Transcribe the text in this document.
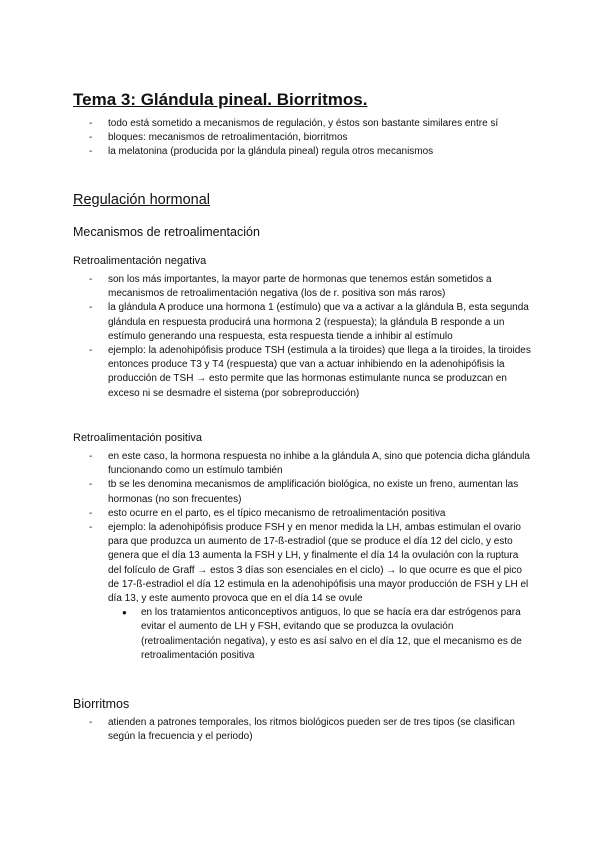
Tema 3: Glándula pineal. Biorritmos.
- todo está sometido a mecanismos de regulación, y éstos son bastante similares entre sí
- bloques: mecanismos de retroalimentación, biorritmos
- la melatonina (producida por la glándula pineal) regula otros mecanismos
Regulación hormonal
Mecanismos de retroalimentación
Retroalimentación negativa
- son los más importantes, la mayor parte de hormonas que tenemos están sometidos a mecanismos de retroalimentación negativa (los de r. positiva son más raros)
- la glándula A produce una hormona 1 (estímulo) que va a activar a la glándula B, esta segunda glándula en respuesta producirá una hormona 2 (respuesta); la glándula B responde a un estímulo generando una respuesta, esta respuesta tiende a inhibir al estímulo
- ejemplo: la adenohipófisis produce TSH (estimula a la tiroides) que llega a la tiroides, la tiroides entonces produce T3 y T4 (respuesta) que van a actuar inhibiendo en la adenohipófisis la producción de TSH → esto permite que las hormonas estimulante nunca se produzcan en exceso ni se desmadre el sistema (por sobreproducción)
Retroalimentación positiva
- en este caso, la hormona respuesta no inhibe a la glándula A, sino que potencia dicha glándula funcionando como un estímulo también
- tb se les denomina mecanismos de amplificación biológica, no existe un freno, aumentan las hormonas (no son frecuentes)
- esto ocurre en el parto, es el típico mecanismo de retroalimentación positiva
- ejemplo: la adenohipófisis produce FSH y en menor medida la LH, ambas estimulan el ovario para que produzca un aumento de 17-ß-estradiol (que se produce el día 12 del ciclo, y esto genera que el día 13 aumenta la FSH y LH, y finalmente el día 14 la ovulación con la ruptura del folículo de Graff → estos 3 días son esenciales en el ciclo) → lo que ocurre es que el pico de 17-ß-estradiol el día 12 estimula en la adenohipófisis una mayor producción de FSH y LH el día 13, y este aumento provoca que en el día 14 se ovule
● en los tratamientos anticonceptivos antiguos, lo que se hacía era dar estrógenos para evitar el aumento de LH y FSH, evitando que se produzca la ovulación (retroalimentación negativa), y esto es así salvo en el día 12, que el mecanismo es de retroalimentación positiva
Biorritmos
- atienden a patrones temporales, los ritmos biológicos pueden ser de tres tipos (se clasifican según la frecuencia y el periodo)
